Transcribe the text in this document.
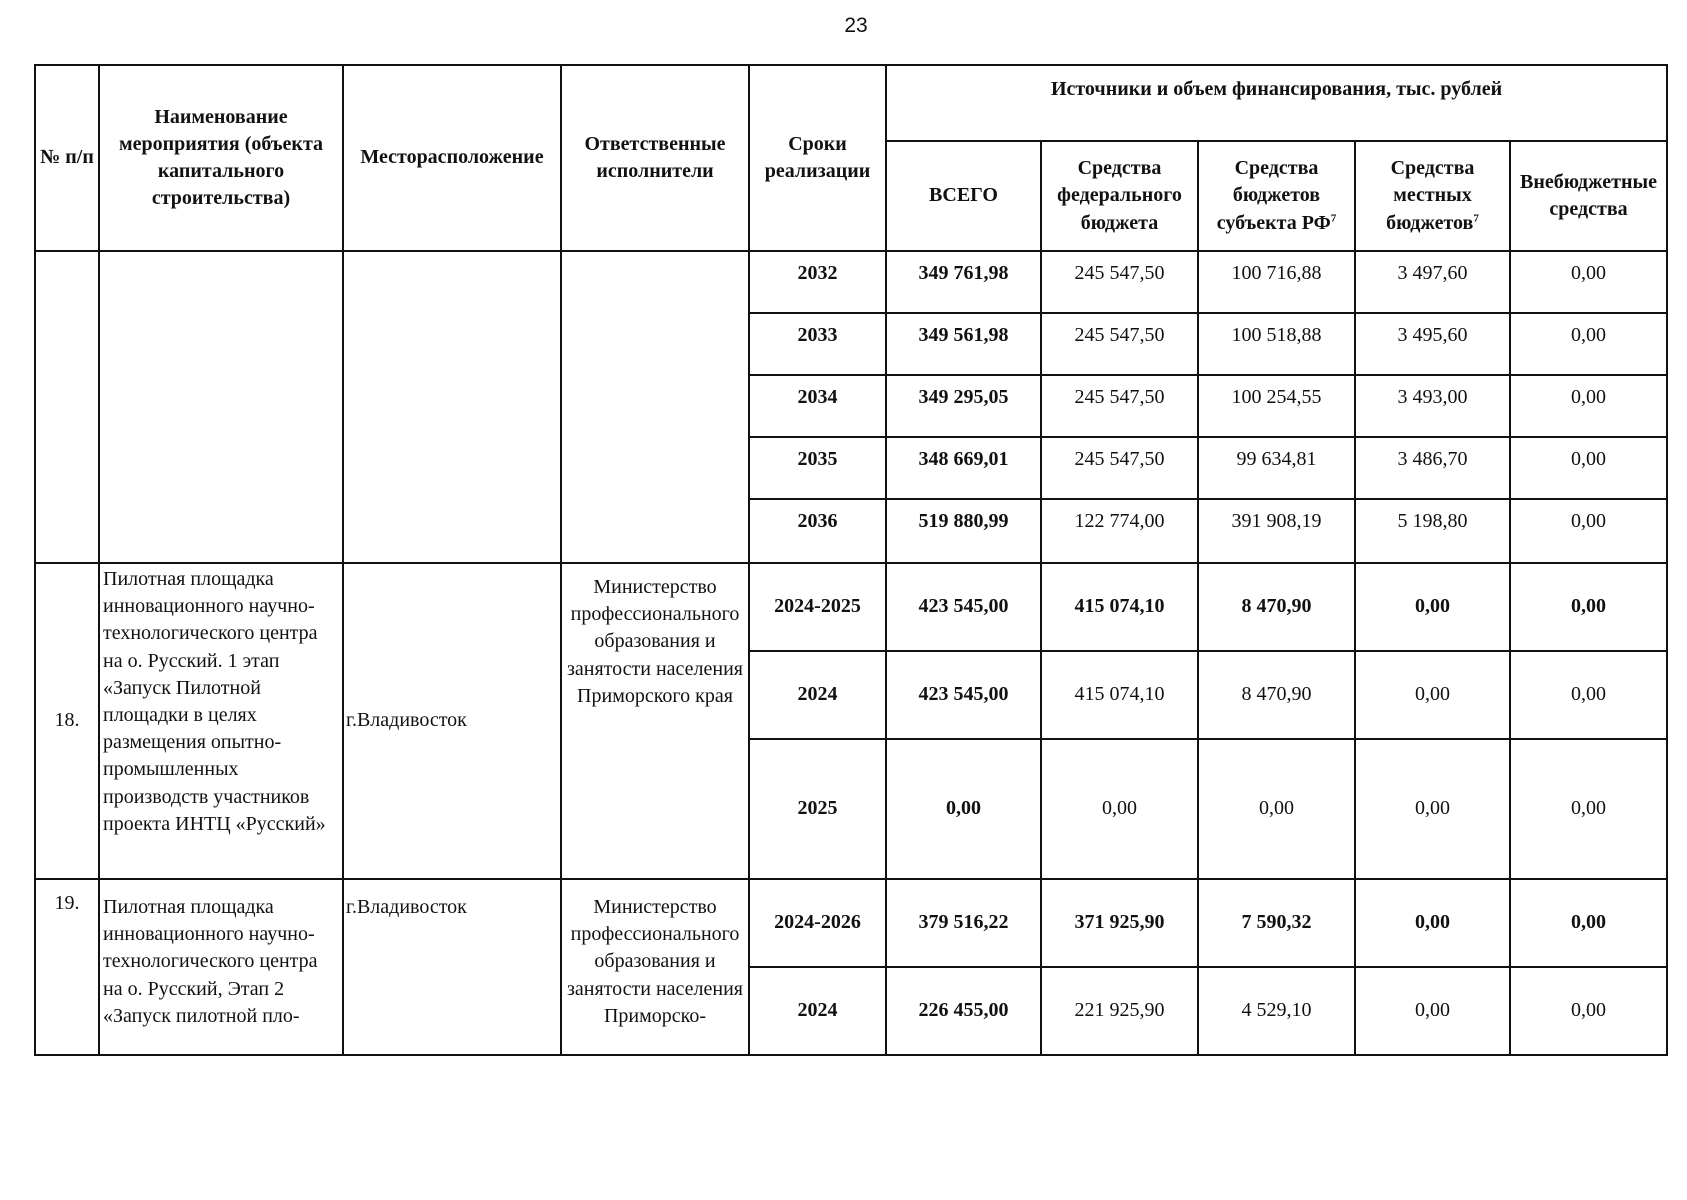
23
№ п/п	Наименование мероприятия (объекта капитального строительства)	Месторасположение	Ответственные исполнители	Сроки реализации	Источники и объем финансирования, тыс. рублей				
					ВСЕГО	Средства федерального бюджета	Средства бюджетов субъекта $РФ^7$	Средства местных бюджетов$^7$	Внебюджетные средства
				2032	349 761,98	245 547,50	100 716,88	3 497,60	0,00
				2033	349 561,98	245 547,50	100 518,88	3 495,60	0,00
				2034	349 295,05	245 547,50	100 254,55	3 493,00	0,00
				2035	348 669,01	245 547,50	99 634,81	3 486,70	0,00
				2036	519 880,99	122 774,00	391 908,19	5 198,80	0,00
18.	Пилотная площадка инновационного научно-технологического центра на о. Русский. 1 этап «Запуск Пилотной площадки в целях размещения опытно-промышленных производств участников проекта ИНТЦ «Русский»	г.Владивосток	Министерство профессионального образования и занятости населения Приморского края	2024-2025	423 545,00	415 074,10	8 470,90	0,00	0,00
				2024	423 545,00	415 074,10	8 470,90	0,00	0,00
				2025	0,00	0,00	0,00	0,00	0,00
19.	Пилотная площадка инновационного научно-технологического центра на о. Русский, Этап 2 «Запуск пилотной пло-	г.Владивосток	Министерство профессионального образования и занятости населения Приморско-	2024-2026	379 516,22	371 925,90	7 590,32	0,00	0,00
				2024	226 455,00	221 925,90	4 529,10	0,00	0,00
